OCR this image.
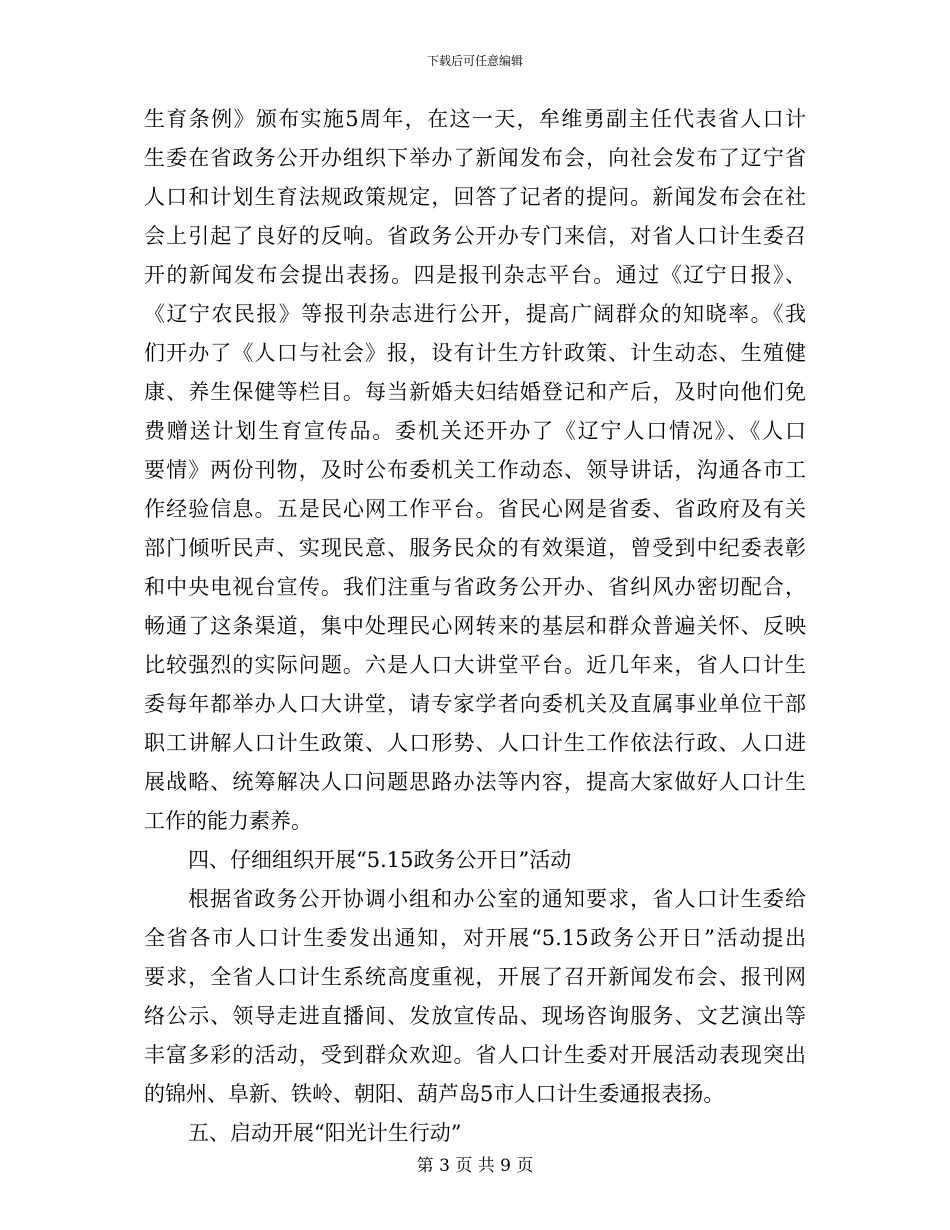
下载后可任意编辑
生育条例》颁布实施5周年，在这一天，牟维勇副主任代表省人口计
生委在省政务公开办组织下举办了新闻发布会，向社会发布了辽宁省
人口和计划生育法规政策规定，回答了记者的提问。新闻发布会在社
会上引起了良好的反响。省政务公开办专门来信，对省人口计生委召
开的新闻发布会提出表扬。四是报刊杂志平台。通过《辽宁日报》、
《辽宁农民报》等报刊杂志进行公开，提高广阔群众的知晓率。《我
们开办了《人口与社会》报，设有计生方针政策、计生动态、生殖健
康、养生保健等栏目。每当新婚夫妇结婚登记和产后，及时向他们免
费赠送计划生育宣传品。委机关还开办了《辽宁人口情况》、《人口
要情》两份刊物，及时公布委机关工作动态、领导讲话，沟通各市工
作经验信息。五是民心网工作平台。省民心网是省委、省政府及有关
部门倾听民声、实现民意、服务民众的有效渠道，曾受到中纪委表彰
和中央电视台宣传。我们注重与省政务公开办、省纠风办密切配合，
畅通了这条渠道，集中处理民心网转来的基层和群众普遍关怀、反映
比较强烈的实际问题。六是人口大讲堂平台。近几年来，省人口计生
委每年都举办人口大讲堂，请专家学者向委机关及直属事业单位干部
职工讲解人口计生政策、人口形势、人口计生工作依法行政、人口进
展战略、统筹解决人口问题思路办法等内容，提高大家做好人口计生
工作的能力素养。
四、仔细组织开展“5.15政务公开日”活动
根据省政务公开协调小组和办公室的通知要求，省人口计生委给
全省各市人口计生委发出通知，对开展“5.15政务公开日”活动提出
要求，全省人口计生系统高度重视，开展了召开新闻发布会、报刊网
络公示、领导走进直播间、发放宣传品、现场咨询服务、文艺演出等
丰富多彩的活动，受到群众欢迎。省人口计生委对开展活动表现突出
的锦州、阜新、铁岭、朝阳、葫芦岛5市人口计生委通报表扬。
五、启动开展“阳光计生行动”
第 3 页 共 9 页
